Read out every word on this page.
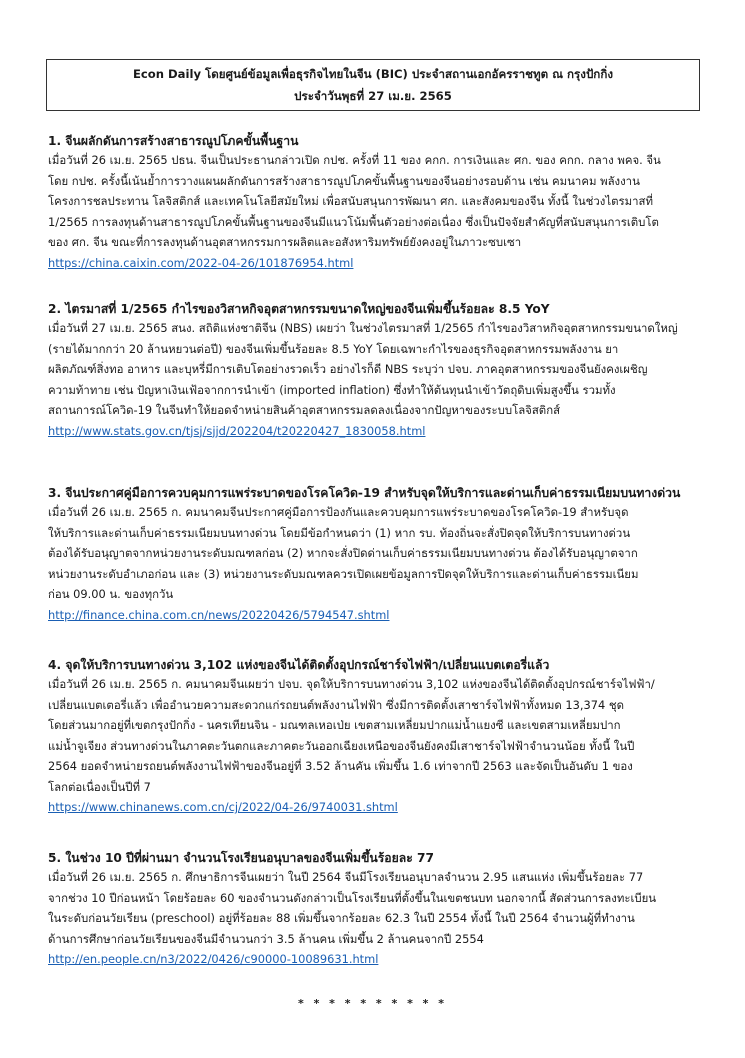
Econ Daily โดยศูนย์ข้อมูลเพื่อธุรกิจไทยในจีน (BIC) ประจำสถานเอกอัครราชทูต ณ กรุงปักกิ่ง
ประจำวันพุธที่ 27 เม.ย. 2565

1. จีนผลักดันการสร้างสาธารณูปโภคขั้นพื้นฐาน

เมื่อวันที่ 26 เม.ย. 2565 ปธน. จีนเป็นประธานกล่าวเปิด กปช. ครั้งที่ 11 ของ คกก. การเงินและ ศก. ของ คกก. กลาง พคจ. จีน

โดย กปช. ครั้งนี้เน้นย้ำการวางแผนผลักดันการสร้างสาธารณูปโภคขั้นพื้นฐานของจีนอย่างรอบด้าน เช่น คมนาคม พลังงาน

โครงการชลประทาน โลจิสติกส์ และเทคโนโลยีสมัยใหม่ เพื่อสนับสนุนการพัฒนา ศก. และสังคมของจีน ทั้งนี้ ในช่วงไตรมาสที่

1/2565 การลงทุนด้านสาธารณูปโภคขั้นพื้นฐานของจีนมีแนวโน้มพื้นตัวอย่างต่อเนื่อง ซึ่งเป็นปัจจัยสำคัญที่สนับสนุนการเติบโต

ของ ศก. จีน ขณะที่การลงทุนด้านอุตสาหกรรมการผลิตและอสังหาริมทรัพย์ยังคงอยู่ในภาวะซบเซา

https://china.caixin.com/2022-04-26/101876954.html

2. ไตรมาสที่ 1/2565 กำไรของวิสาหกิจอุตสาหกรรมขนาดใหญ่ของจีนเพิ่มขึ้นร้อยละ 8.5 YoY

เมื่อวันที่ 27 เม.ย. 2565 สนง. สถิติแห่งชาติจีน (NBS) เผยว่า ในช่วงไตรมาสที่ 1/2565 กำไรของวิสาหกิจอุตสาหกรรมขนาดใหญ่

(รายได้มากกว่า 20 ล้านหยวนต่อปี) ของจีนเพิ่มขึ้นร้อยละ 8.5 YoY โดยเฉพาะกำไรของธุรกิจอุตสาหกรรมพลังงาน ยา

ผลิตภัณฑ์สิ่งทอ อาหาร และบุหรี่มีการเติบโตอย่างรวดเร็ว อย่างไรก็ดี NBS ระบุว่า ปจบ. ภาคอุตสาหกรรมของจีนยังคงเผชิญ

ความท้าทาย เช่น ปัญหาเงินเฟ้อจากการนำเข้า (imported inflation) ซึ่งทำให้ต้นทุนนำเข้าวัตถุดิบเพิ่มสูงขึ้น รวมทั้ง

สถานการณ์โควิด-19 ในจีนทำให้ยอดจำหน่ายสินค้าอุตสาหกรรมลดลงเนื่องจากปัญหาของระบบโลจิสติกส์

http://www.stats.gov.cn/tjsj/sjjd/202204/t20220427_1830058.html

3. จีนประกาศคู่มือการควบคุมการแพร่ระบาดของโรคโควิด-19 สำหรับจุดให้บริการและด่านเก็บค่าธรรมเนียมบนทางด่วน

เมื่อวันที่ 26 เม.ย. 2565 ก. คมนาคมจีนประกาศคู่มือการป้องกันและควบคุมการแพร่ระบาดของโรคโควิด-19 สำหรับจุด

ให้บริการและด่านเก็บค่าธรรมเนียมบนทางด่วน โดยมีข้อกำหนดว่า (1) หาก รบ. ท้องถิ่นจะสั่งปิดจุดให้บริการบนทางด่วน

ต้องได้รับอนุญาตจากหน่วยงานระดับมณฑลก่อน (2) หากจะสั่งปิดด่านเก็บค่าธรรมเนียมบนทางด่วน ต้องได้รับอนุญาตจาก

หน่วยงานระดับอำเภอก่อน และ (3) หน่วยงานระดับมณฑลควรเปิดเผยข้อมูลการปิดจุดให้บริการและด่านเก็บค่าธรรมเนียม

ก่อน 09.00 น. ของทุกวัน

http://finance.china.com.cn/news/20220426/5794547.shtml

4. จุดให้บริการบนทางด่วน 3,102 แห่งของจีนได้ติดตั้งอุปกรณ์ชาร์จไฟฟ้า/เปลี่ยนแบตเตอรี่แล้ว

เมื่อวันที่ 26 เม.ย. 2565 ก. คมนาคมจีนเผยว่า ปจบ. จุดให้บริการบนทางด่วน 3,102 แห่งของจีนได้ติดตั้งอุปกรณ์ชาร์จไฟฟ้า/

เปลี่ยนแบตเตอรี่แล้ว เพื่ออำนวยความสะดวกแก่รถยนต์พลังงานไฟฟ้า ซึ่งมีการติดตั้งเสาชาร์จไฟฟ้าทั้งหมด 13,374 ชุด

โดยส่วนมากอยู่ที่เขตกรุงปักกิ่ง - นครเทียนจิน - มณฑลเหอเป่ย เขตสามเหลี่ยมปากแม่น้ำแยงซี และเขตสามเหลี่ยมปาก

แม่น้ำจูเจียง ส่วนทางด่วนในภาคตะวันตกและภาคตะวันออกเฉียงเหนือของจีนยังคงมีเสาชาร์จไฟฟ้าจำนวนน้อย ทั้งนี้ ในปี

2564 ยอดจำหน่ายรถยนต์พลังงานไฟฟ้าของจีนอยู่ที่ 3.52 ล้านคัน เพิ่มขึ้น 1.6 เท่าจากปี 2563 และจัดเป็นอันดับ 1 ของ

โลกต่อเนื่องเป็นปีที่ 7

https://www.chinanews.com.cn/cj/2022/04-26/9740031.shtml

5. ในช่วง 10 ปีที่ผ่านมา จำนวนโรงเรียนอนุบาลของจีนเพิ่มขึ้นร้อยละ 77

เมื่อวันที่ 26 เม.ย. 2565 ก. ศึกษาธิการจีนเผยว่า ในปี 2564 จีนมีโรงเรียนอนุบาลจำนวน 2.95 แสนแห่ง เพิ่มขึ้นร้อยละ 77

จากช่วง 10 ปีก่อนหน้า โดยร้อยละ 60 ของจำนวนดังกล่าวเป็นโรงเรียนที่ตั้งขึ้นในเขตชนบท นอกจากนี้ สัดส่วนการลงทะเบียน

ในระดับก่อนวัยเรียน (preschool) อยู่ที่ร้อยละ 88 เพิ่มขึ้นจากร้อยละ 62.3 ในปี 2554 ทั้งนี้ ในปี 2564 จำนวนผู้ที่ทำงาน

ด้านการศึกษาก่อนวัยเรียนของจีนมีจำนวนกว่า 3.5 ล้านคน เพิ่มขึ้น 2 ล้านคนจากปี 2554

http://en.people.cn/n3/2022/0426/c90000-10089631.html
* * * * * * * * * *
